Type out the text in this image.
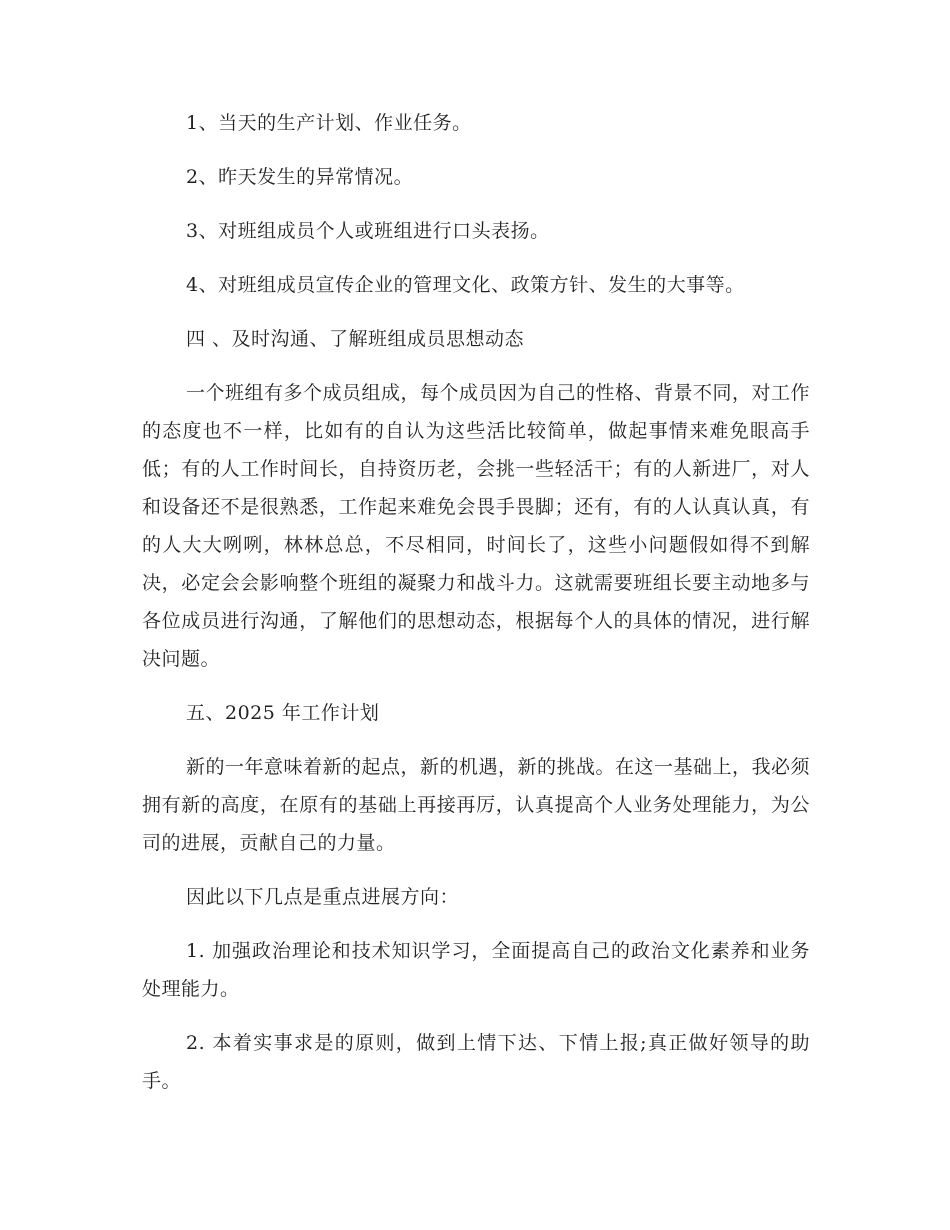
1、当天的生产计划、作业任务。

2、昨天发生的异常情况。

3、对班组成员个人或班组进行口头表扬。

4、对班组成员宣传企业的管理文化、政策方针、发生的大事等。

四 、及时沟通、了解班组成员思想动态

一个班组有多个成员组成，每个成员因为自己的性格、背景不同，对工作的态度也不一样，比如有的自认为这些活比较简单，做起事情来难免眼高手低；有的人工作时间长，自持资历老，会挑一些轻活干；有的人新进厂，对人和设备还不是很熟悉，工作起来难免会畏手畏脚；还有，有的人认真认真，有的人大大咧咧，林林总总，不尽相同，时间长了，这些小问题假如得不到解决，必定会会影响整个班组的凝聚力和战斗力。这就需要班组长要主动地多与各位成员进行沟通，了解他们的思想动态，根据每个人的具体的情况，进行解决问题。

五、2025 年工作计划

新的一年意味着新的起点，新的机遇，新的挑战。在这一基础上，我必须拥有新的高度，在原有的基础上再接再厉，认真提高个人业务处理能力，为公司的进展，贡献自己的力量。

因此以下几点是重点进展方向：

1. 加强政治理论和技术知识学习，全面提高自己的政治文化素养和业务处理能力。

2. 本着实事求是的原则，做到上情下达、下情上报;真正做好领导的助手。
